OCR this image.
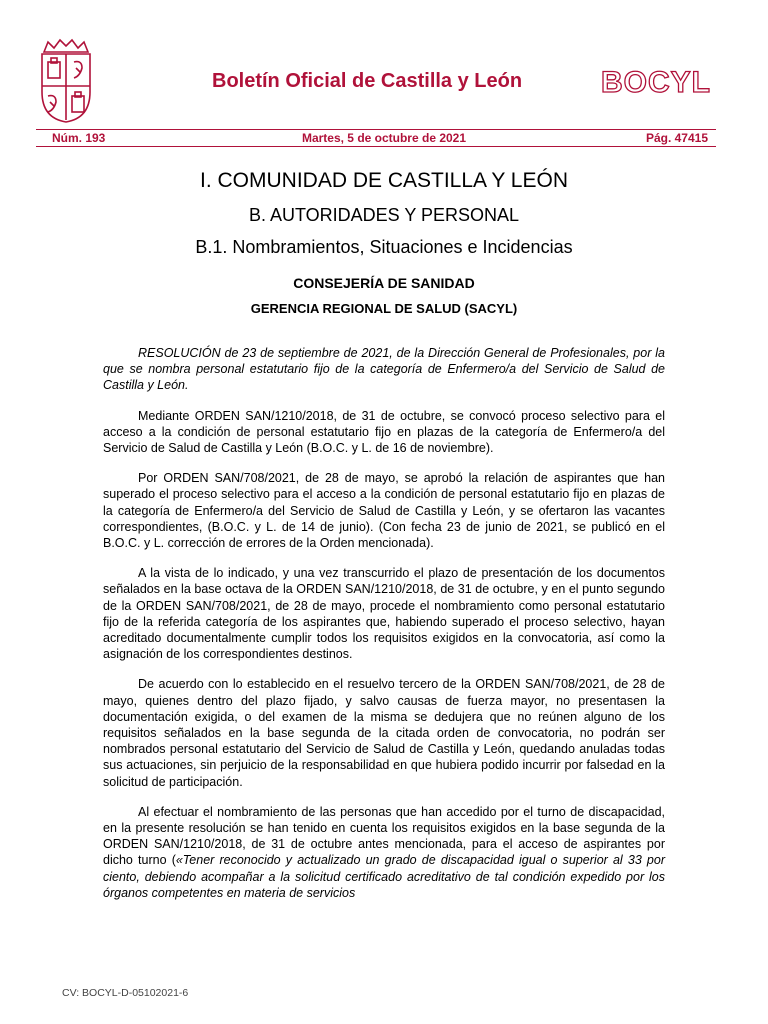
Boletín Oficial de Castilla y León	BOCYL
Núm. 193	Martes, 5 de octubre de 2021	Pág. 47415
I. COMUNIDAD DE CASTILLA Y LEÓN
B. AUTORIDADES Y PERSONAL
B.1. Nombramientos, Situaciones e Incidencias
CONSEJERÍA DE SANIDAD
GERENCIA REGIONAL DE SALUD (SACYL)

RESOLUCIÓN de 23 de septiembre de 2021, de la Dirección General de Profesionales, por la que se nombra personal estatutario fijo de la categoría de Enfermero/a del Servicio de Salud de Castilla y León.

Mediante ORDEN SAN/1210/2018, de 31 de octubre, se convocó proceso selectivo para el acceso a la condición de personal estatutario fijo en plazas de la categoría de Enfermero/a del Servicio de Salud de Castilla y León (B.O.C. y L. de 16 de noviembre).

Por ORDEN SAN/708/2021, de 28 de mayo, se aprobó la relación de aspirantes que han superado el proceso selectivo para el acceso a la condición de personal estatutario fijo en plazas de la categoría de Enfermero/a del Servicio de Salud de Castilla y León, y se ofertaron las vacantes correspondientes, (B.O.C. y L. de 14 de junio). (Con fecha 23 de junio de 2021, se publicó en el B.O.C. y L. corrección de errores de la Orden mencionada).

A la vista de lo indicado, y una vez transcurrido el plazo de presentación de los documentos señalados en la base octava de la ORDEN SAN/1210/2018, de 31 de octubre, y en el punto segundo de la ORDEN SAN/708/2021, de 28 de mayo, procede el nombramiento como personal estatutario fijo de la referida categoría de los aspirantes que, habiendo superado el proceso selectivo, hayan acreditado documentalmente cumplir todos los requisitos exigidos en la convocatoria, así como la asignación de los correspondientes destinos.

De acuerdo con lo establecido en el resuelvo tercero de la ORDEN SAN/708/2021, de 28 de mayo, quienes dentro del plazo fijado, y salvo causas de fuerza mayor, no presentasen la documentación exigida, o del examen de la misma se dedujera que no reúnen alguno de los requisitos señalados en la base segunda de la citada orden de convocatoria, no podrán ser nombrados personal estatutario del Servicio de Salud de Castilla y León, quedando anuladas todas sus actuaciones, sin perjuicio de la responsabilidad en que hubiera podido incurrir por falsedad en la solicitud de participación.

Al efectuar el nombramiento de las personas que han accedido por el turno de discapacidad, en la presente resolución se han tenido en cuenta los requisitos exigidos en la base segunda de la ORDEN SAN/1210/2018, de 31 de octubre antes mencionada, para el acceso de aspirantes por dicho turno («Tener reconocido y actualizado un grado de discapacidad igual o superior al 33 por ciento, debiendo acompañar a la solicitud certificado acreditativo de tal condición expedido por los órganos competentes en materia de servicios

CV: BOCYL-D-05102021-6
